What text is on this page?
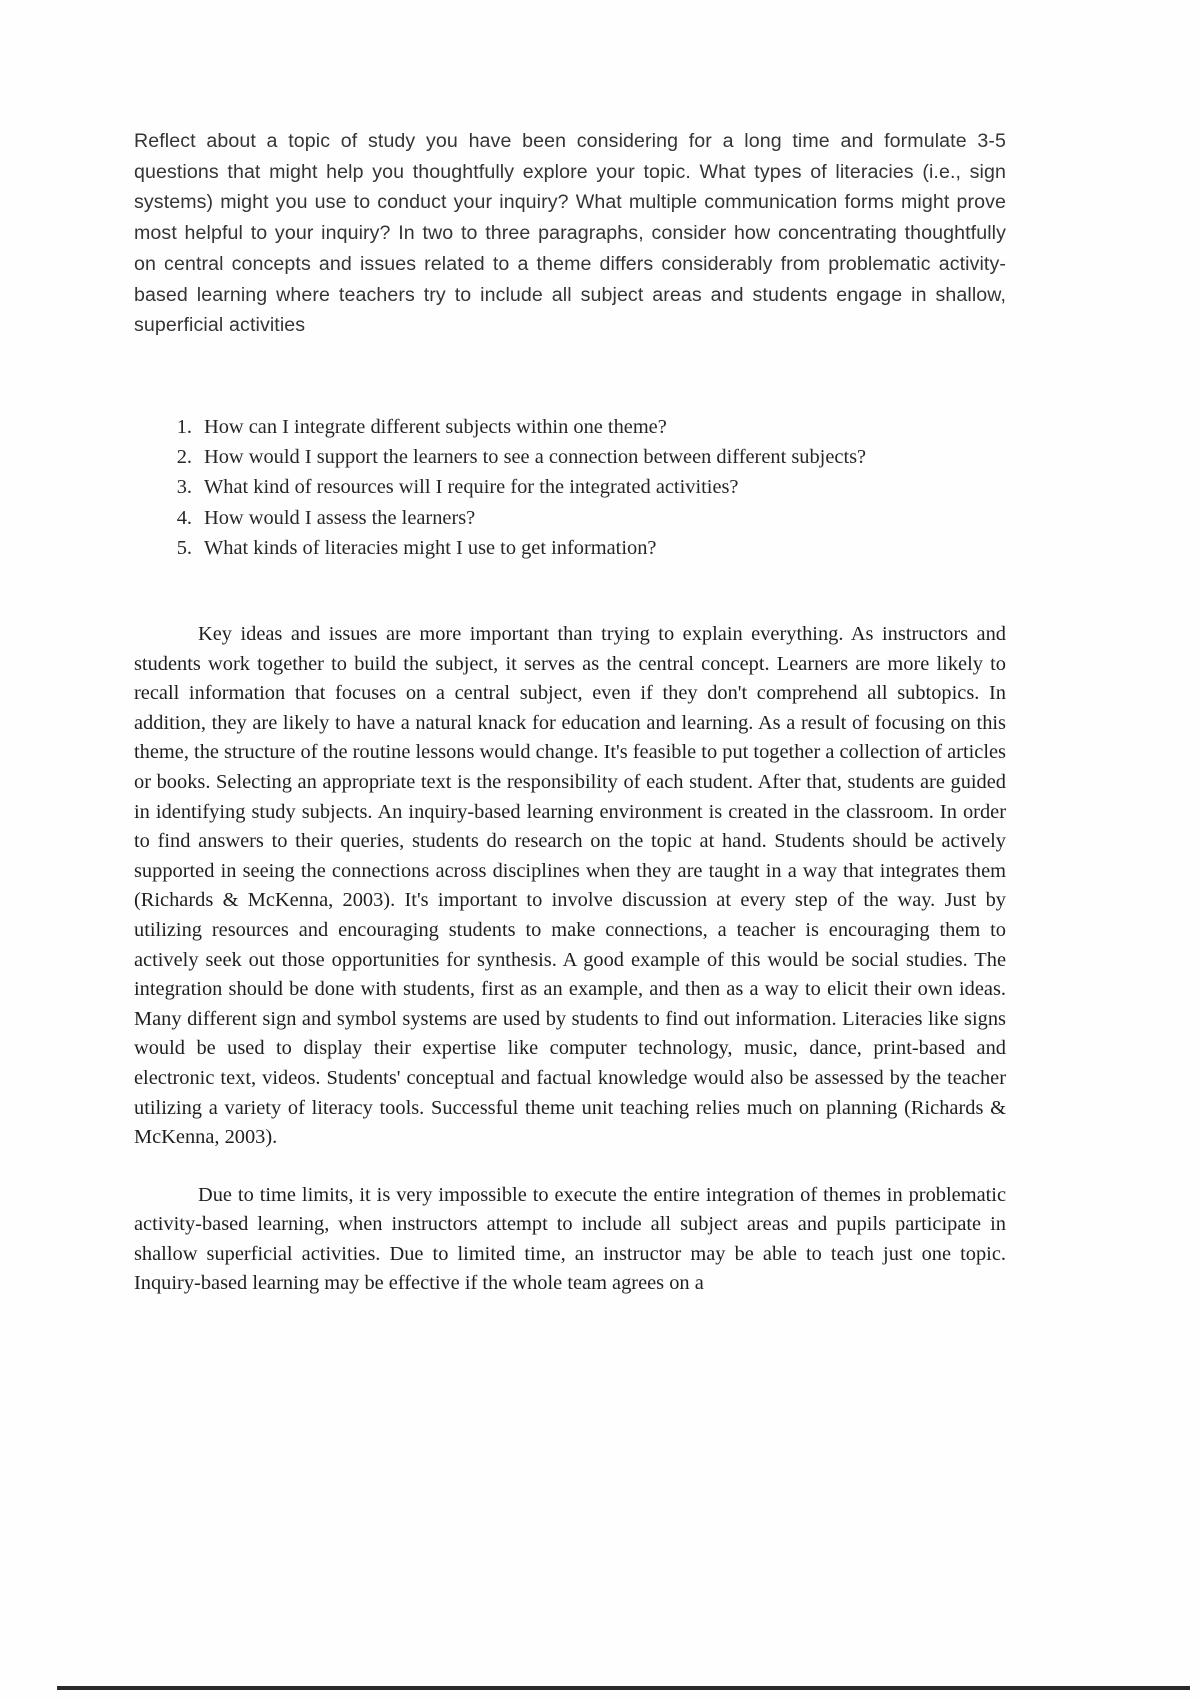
Reflect about a topic of study you have been considering for a long time and formulate 3-5 questions that might help you thoughtfully explore your topic. What types of literacies (i.e., sign systems) might you use to conduct your inquiry? What multiple communication forms might prove most helpful to your inquiry? In two to three paragraphs, consider how concentrating thoughtfully on central concepts and issues related to a theme differs considerably from problematic activity-based learning where teachers try to include all subject areas and students engage in shallow, superficial activities

1. How can I integrate different subjects within one theme?
2. How would I support the learners to see a connection between different subjects?
3. What kind of resources will I require for the integrated activities?
4. How would I assess the learners?
5. What kinds of literacies might I use to get information?

Key ideas and issues are more important than trying to explain everything. As instructors and students work together to build the subject, it serves as the central concept. Learners are more likely to recall information that focuses on a central subject, even if they don't comprehend all subtopics. In addition, they are likely to have a natural knack for education and learning. As a result of focusing on this theme, the structure of the routine lessons would change. It's feasible to put together a collection of articles or books. Selecting an appropriate text is the responsibility of each student. After that, students are guided in identifying study subjects. An inquiry-based learning environment is created in the classroom. In order to find answers to their queries, students do research on the topic at hand. Students should be actively supported in seeing the connections across disciplines when they are taught in a way that integrates them (Richards & McKenna, 2003). It's important to involve discussion at every step of the way. Just by utilizing resources and encouraging students to make connections, a teacher is encouraging them to actively seek out those opportunities for synthesis. A good example of this would be social studies. The integration should be done with students, first as an example, and then as a way to elicit their own ideas. Many different sign and symbol systems are used by students to find out information. Literacies like signs would be used to display their expertise like computer technology, music, dance, print-based and electronic text, videos. Students' conceptual and factual knowledge would also be assessed by the teacher utilizing a variety of literacy tools. Successful theme unit teaching relies much on planning (Richards & McKenna, 2003).

Due to time limits, it is very impossible to execute the entire integration of themes in problematic activity-based learning, when instructors attempt to include all subject areas and pupils participate in shallow superficial activities. Due to limited time, an instructor may be able to teach just one topic. Inquiry-based learning may be effective if the whole team agrees on a
